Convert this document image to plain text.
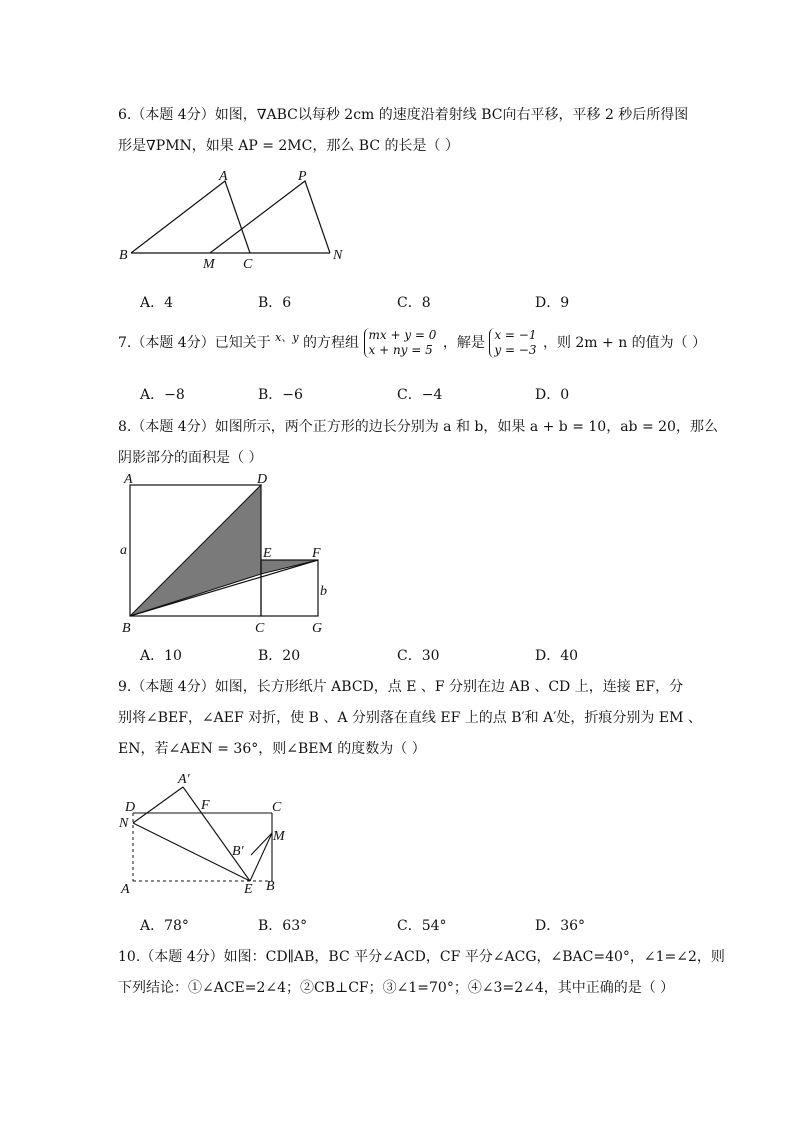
6.（本题 4分）如图，∇ABC以每秒 2cm 的速度沿着射线 BC向右平移，平移 2 秒后所得图
形是∇PMN，如果 AP = 2MC，那么 BC 的长是（ ）
A	P
B
M C
N
A．4	B．6	C．8	D．9
7.（本题 4分）已知关于 $^{x、y}$ 的方程组 mx + y = 0
x + ny = 5 ，解是 x = −1
y = −3 ，则 2m + n 的值为（ ）
A．−8	B．−6	C．−4	D．0
8.（本题 4分）如图所示，两个正方形的边长分别为 a 和 b，如果 a + b = 10，ab = 20，那么
阴影部分的面积是（ ）
A	D
a	E	F
b
B	C	G
A．10	B．20	C．30	D．40
9.（本题 4分）如图，长方形纸片 ABCD，点 E 、F 分别在边 AB 、CD 上，连接 EF，分
别将∠BEF，∠AEF 对折，使 B 、A 分别落在直线 EF 上的点 B′和 A′处，折痕分别为 EM 、
EN，若∠AEN = 36°，则∠BEM 的度数为（ ）
A′
D	F	C
N
M
B′
A	E B
A．78°	B．63°	C．54°	D．36°
10.（本题 4分）如图：CD∥AB，BC 平分∠ACD，CF 平分∠ACG，∠BAC=40°，∠1=∠2，则
下列结论：①∠ACE=2∠4；②CB⊥CF；③∠1=70°；④∠3=2∠4，其中正确的是（ ）
